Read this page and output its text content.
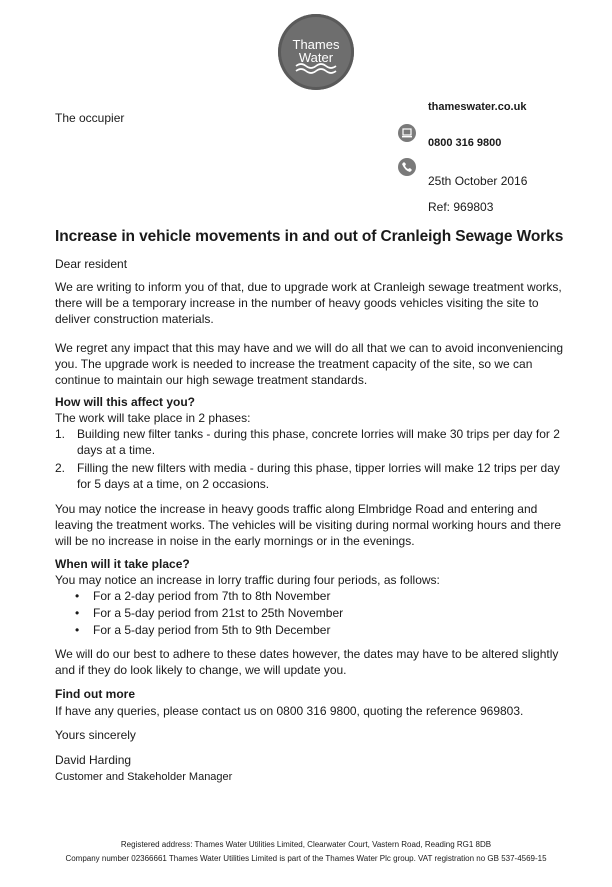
Thames
Water
The occupier
thameswater.co.uk
0800 316 9800
25th October 2016
Ref: 969803
Increase in vehicle movements in and out of Cranleigh Sewage Works
Dear resident
We are writing to inform you of that, due to upgrade work at Cranleigh sewage treatment works, there will be a temporary increase in the number of heavy goods vehicles visiting the site to deliver construction materials.
We regret any impact that this may have and we will do all that we can to avoid inconveniencing you. The upgrade work is needed to increase the treatment capacity of the site, so we can continue to maintain our high sewage treatment standards.
How will this affect you?
The work will take place in 2 phases:
1. Building new filter tanks - during this phase, concrete lorries will make 30 trips per day for 2 days at a time.
2. Filling the new filters with media - during this phase, tipper lorries will make 12 trips per day for 5 days at a time, on 2 occasions.
You may notice the increase in heavy goods traffic along Elmbridge Road and entering and leaving the treatment works. The vehicles will be visiting during normal working hours and there will be no increase in noise in the early mornings or in the evenings.
When will it take place?
You may notice an increase in lorry traffic during four periods, as follows:
• For a 2-day period from 7th to 8th November
• For a 5-day period from 21st to 25th November
• For a 5-day period from 5th to 9th December
We will do our best to adhere to these dates however, the dates may have to be altered slightly and if they do look likely to change, we will update you.
Find out more
If have any queries, please contact us on 0800 316 9800, quoting the reference 969803.
Yours sincerely
David Harding
Customer and Stakeholder Manager
Registered address: Thames Water Utilities Limited, Clearwater Court, Vastern Road, Reading RG1 8DB
Company number 02366661 Thames Water Utilities Limited is part of the Thames Water Plc group. VAT registration no GB 537-4569-15
